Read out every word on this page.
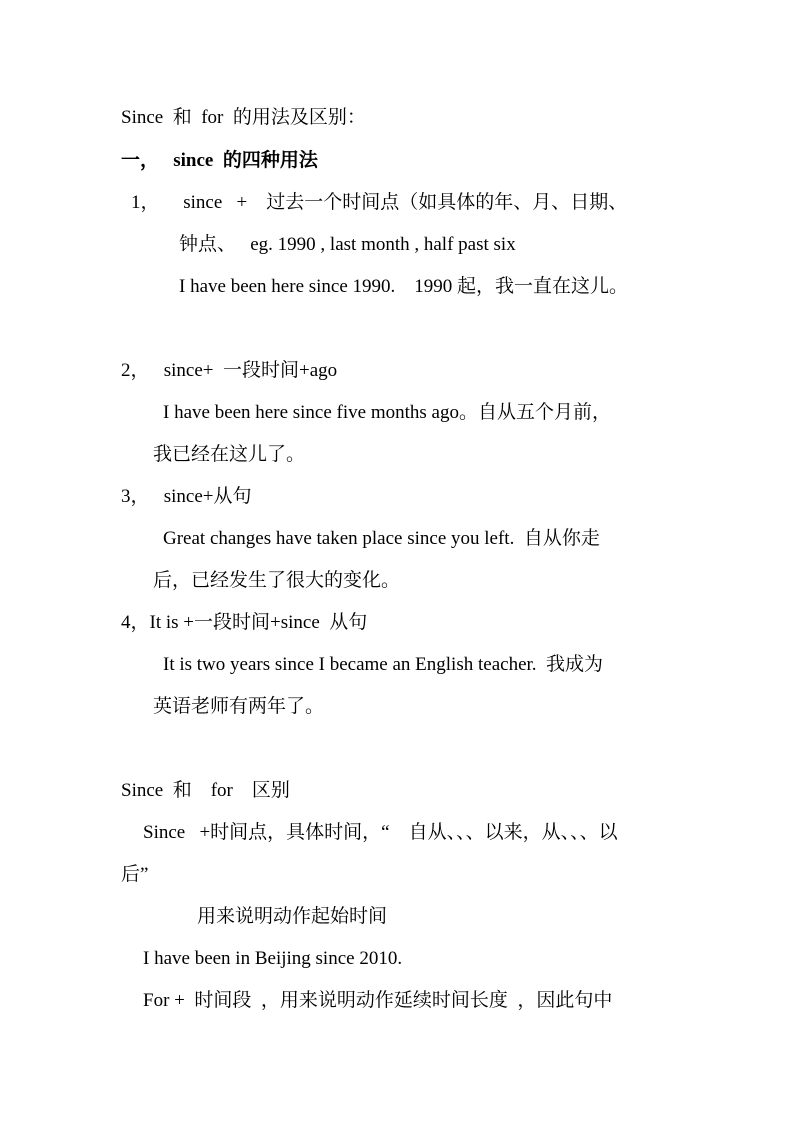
Since  和  for  的用法及区别：
一，   since  的四种用法
1，     since   +    过去一个时间点（如具体的年、月、日期、
钟点、   eg. 1990 , last month , half past six
I have been here since 1990.    1990 起，我一直在这儿。
2，   since+  一段时间+ago
I have been here since five months ago。自从五个月前，
我已经在这儿了。
3，   since+从句
Great changes have taken place since you left.  自从你走
后，已经发生了很大的变化。
4，It is +一段时间+since  从句
It is two years since I became an English teacher.  我成为
英语老师有两年了。
Since  和    for    区别
Since   +时间点，具体时间，“    自从、、、以来，从、、、以
后”
用来说明动作起始时间
I have been in Beijing since 2010.
For +  时间段  ，用来说明动作延续时间长度  ，因此句中
